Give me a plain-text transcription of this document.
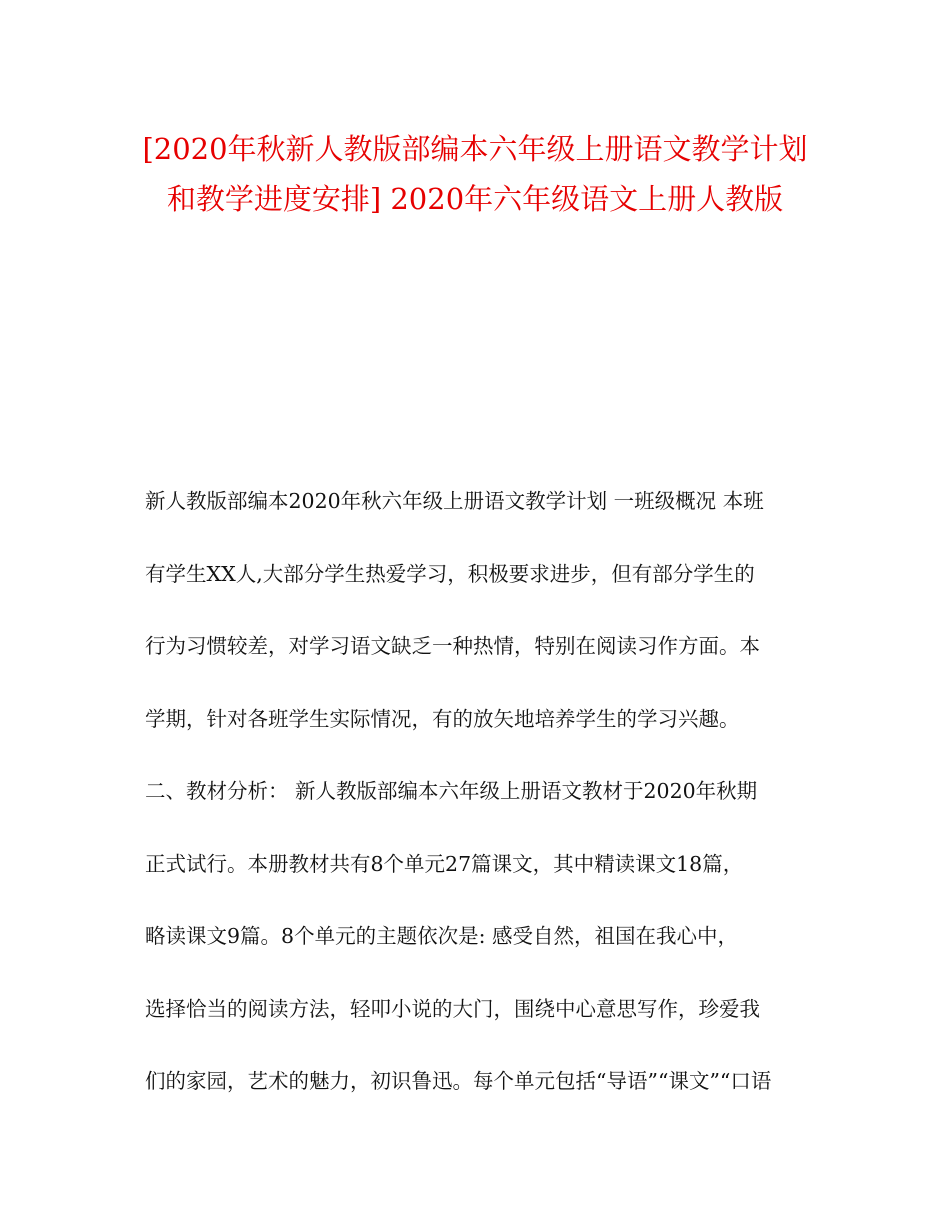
[2020年秋新人教版部编本六年级上册语文教学计划
和教学进度安排] 2020年六年级语文上册人教版
新人教版部编本2020年秋六年级上册语文教学计划 一班级概况 本班
有学生XX人,大部分学生热爱学习，积极要求进步，但有部分学生的
行为习惯较差，对学习语文缺乏一种热情，特别在阅读习作方面。本
学期，针对各班学生实际情况，有的放矢地培养学生的学习兴趣。
二、教材分析： 新人教版部编本六年级上册语文教材于2020年秋期
正式试行。本册教材共有8个单元27篇课文，其中精读课文18篇，
略读课文9篇。8个单元的主题依次是: 感受自然，祖国在我心中，
选择恰当的阅读方法，轻叩小说的大门，围绕中心意思写作，珍爱我
们的家园，艺术的魅力，初识鲁迅。每个单元包括“导语”“课文”“口语
